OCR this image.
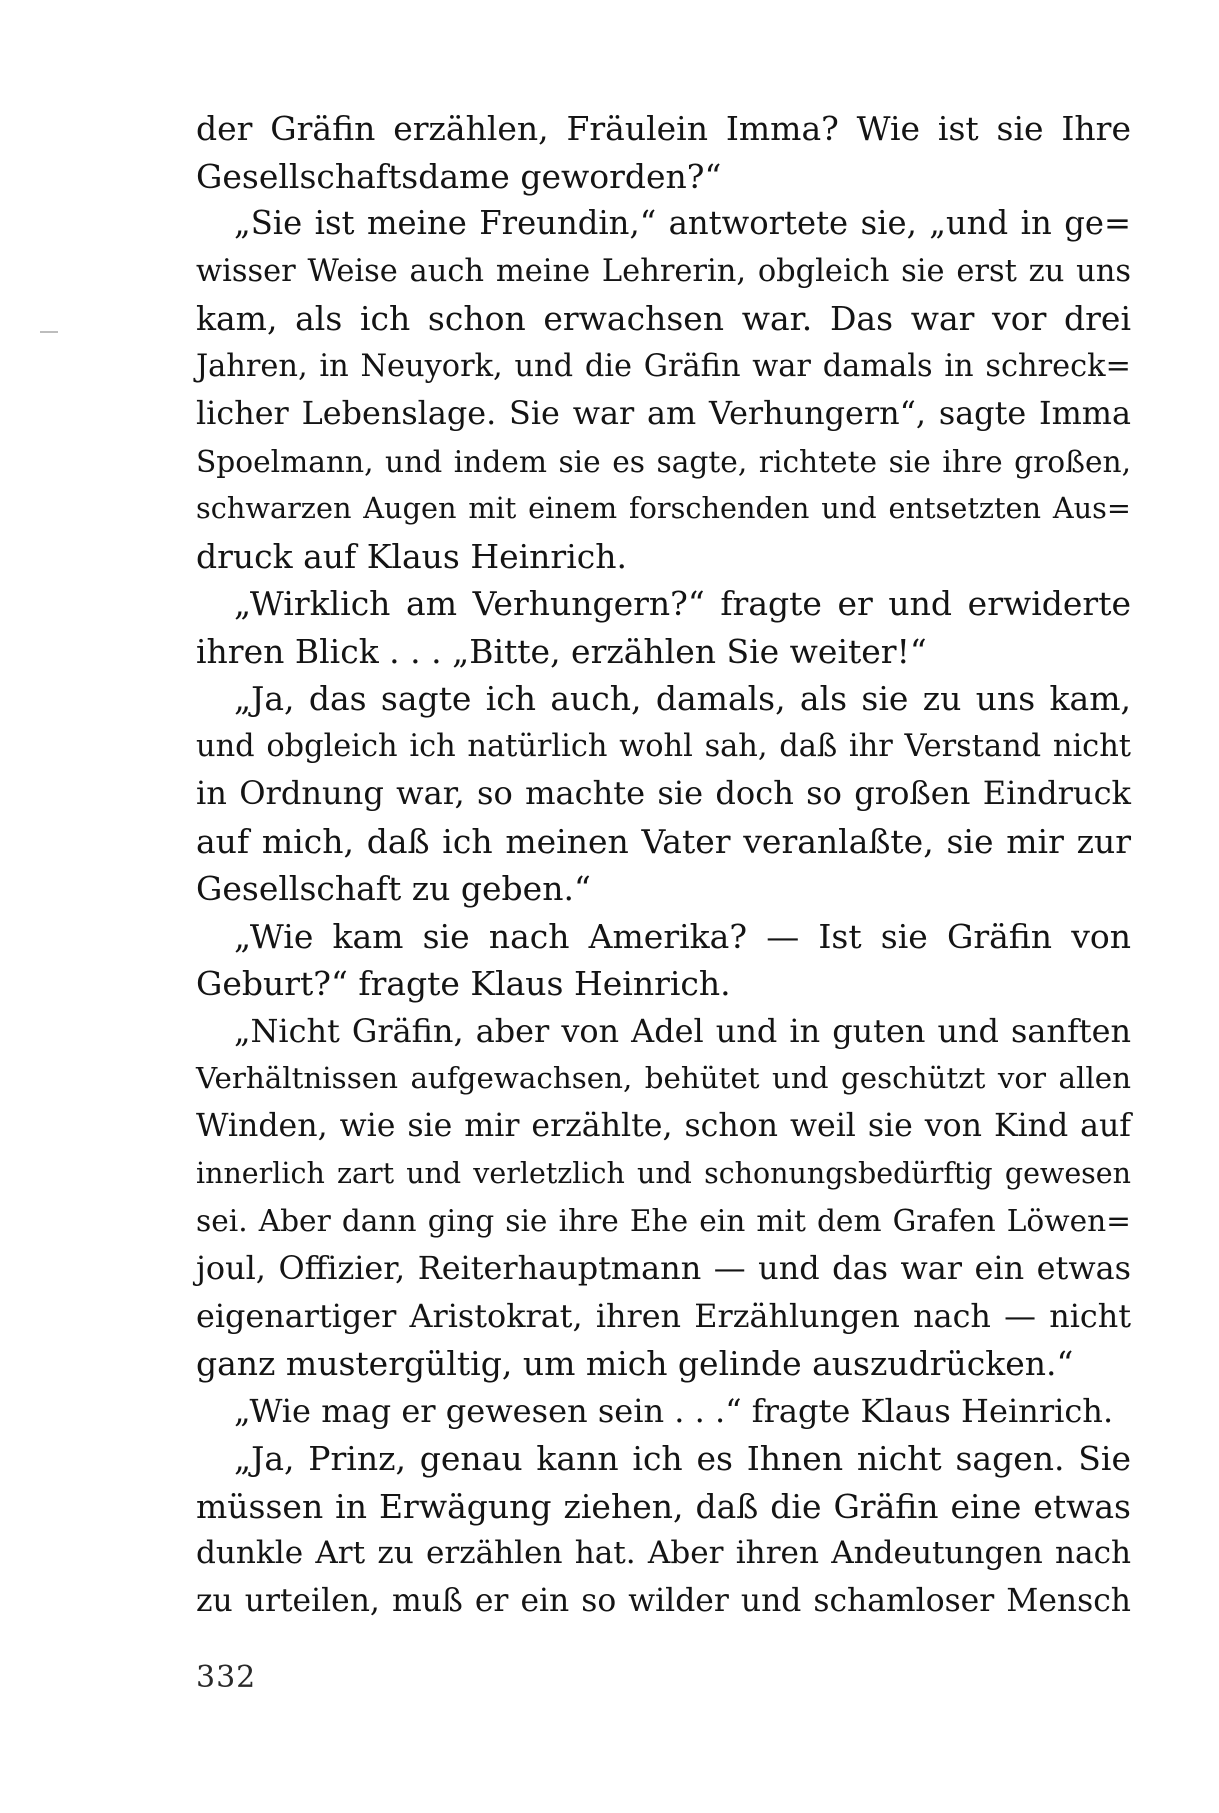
der Gräfin erzählen, Fräulein Imma? Wie ist sie Ihre
Gesellschaftsdame geworden?“
„Sie ist meine Freundin,“ antwortete sie, „und in ge=
wisser Weise auch meine Lehrerin, obgleich sie erst zu uns
kam, als ich schon erwachsen war. Das war vor drei
Jahren, in Neuyork, und die Gräfin war damals in schreck=
licher Lebenslage. Sie war am Verhungern“, sagte Imma
Spoelmann, und indem sie es sagte, richtete sie ihre großen,
schwarzen Augen mit einem forschenden und entsetzten Aus=
druck auf Klaus Heinrich.
„Wirklich am Verhungern?“ fragte er und erwiderte
ihren Blick . . . „Bitte, erzählen Sie weiter!“
„Ja, das sagte ich auch, damals, als sie zu uns kam,
und obgleich ich natürlich wohl sah, daß ihr Verstand nicht
in Ordnung war, so machte sie doch so großen Eindruck
auf mich, daß ich meinen Vater veranlaßte, sie mir zur
Gesellschaft zu geben.“
„Wie kam sie nach Amerika? — Ist sie Gräfin von
Geburt?“ fragte Klaus Heinrich.
„Nicht Gräfin, aber von Adel und in guten und sanften
Verhältnissen aufgewachsen, behütet und geschützt vor allen
Winden, wie sie mir erzählte, schon weil sie von Kind auf
innerlich zart und verletzlich und schonungsbedürftig gewesen
sei. Aber dann ging sie ihre Ehe ein mit dem Grafen Löwen=
joul, Offizier, Reiterhauptmann — und das war ein etwas
eigenartiger Aristokrat, ihren Erzählungen nach — nicht
ganz mustergültig, um mich gelinde auszudrücken.“
„Wie mag er gewesen sein . . .“ fragte Klaus Heinrich.
„Ja, Prinz, genau kann ich es Ihnen nicht sagen. Sie
müssen in Erwägung ziehen, daß die Gräfin eine etwas
dunkle Art zu erzählen hat. Aber ihren Andeutungen nach
zu urteilen, muß er ein so wilder und schamloser Mensch
332
